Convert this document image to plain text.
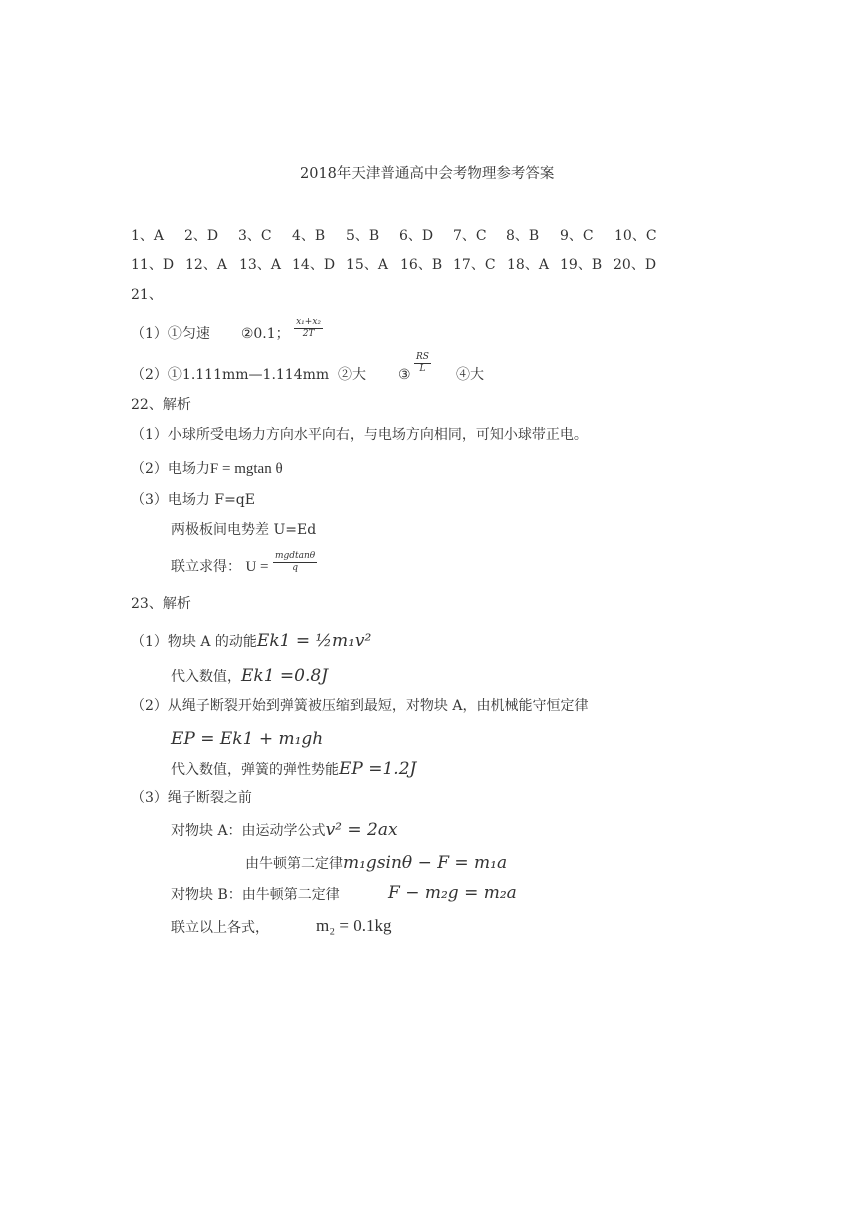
2018年天津普通高中会考物理参考答案
1、A 2、D 3、C 4、B 5、B 6、D 7、C 8、B 9、C 10、C
11、D 12、A 13、A 14、D 15、A 16、B 17、C 18、A 19、B 20、D
21、
（1）①匀速 ②0.1； $\frac{\text{x₁+x₂}}{2T}$
（2）①1.111mm—1.114mm ②大 ③ $\frac{RS}{L}$ ④大
22、解析
（1）小球所受电场力方向水平向右，与电场方向相同，可知小球带正电。
（2）电场力F = mgtan θ
（3）电场力 F=qE
两极板间电势差 U=Ed
联立求得： $U = \frac{\text{mgdtanθ}}{q}$
23、解析
（1）物块 A 的动能Ek1 = ½m₁v²
代入数值，Ek1 =0.8J
（2）从绳子断裂开始到弹簧被压缩到最短，对物块 A，由机械能守恒定律
EP = Ek1 + m₁gh
代入数值，弹簧的弹性势能EP =1.2J
（3）绳子断裂之前
对物块 A：由运动学公式v² = 2ax
由牛顿第二定律m₁gsinθ − F = m₁a
对物块 B：由牛顿第二定律	F − m₂g = m₂a
联立以上各式，	m₂ = 0.1kg
